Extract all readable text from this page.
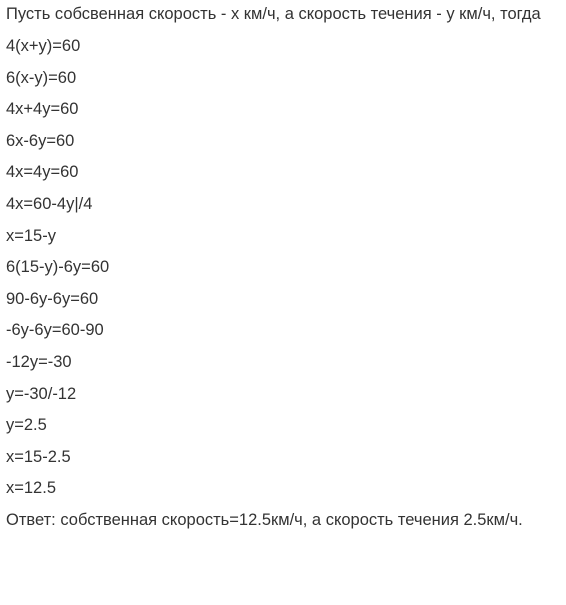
Пусть собсвенная скорость - х км/ч, а скорость течения - у км/ч, тогда

4(х+у)=60
6(х-у)=60
4х+4у=60
6х-6у=60
4х=4у=60
4х=60-4у|/4
х=15-у
6(15-у)-6у=60
90-6у-6у=60
-6у-6у=60-90
-12у=-30
у=-30/-12
у=2.5
х=15-2.5
х=12.5

Ответ: собственная скорость=12.5км/ч, а скорость течения 2.5км/ч.
